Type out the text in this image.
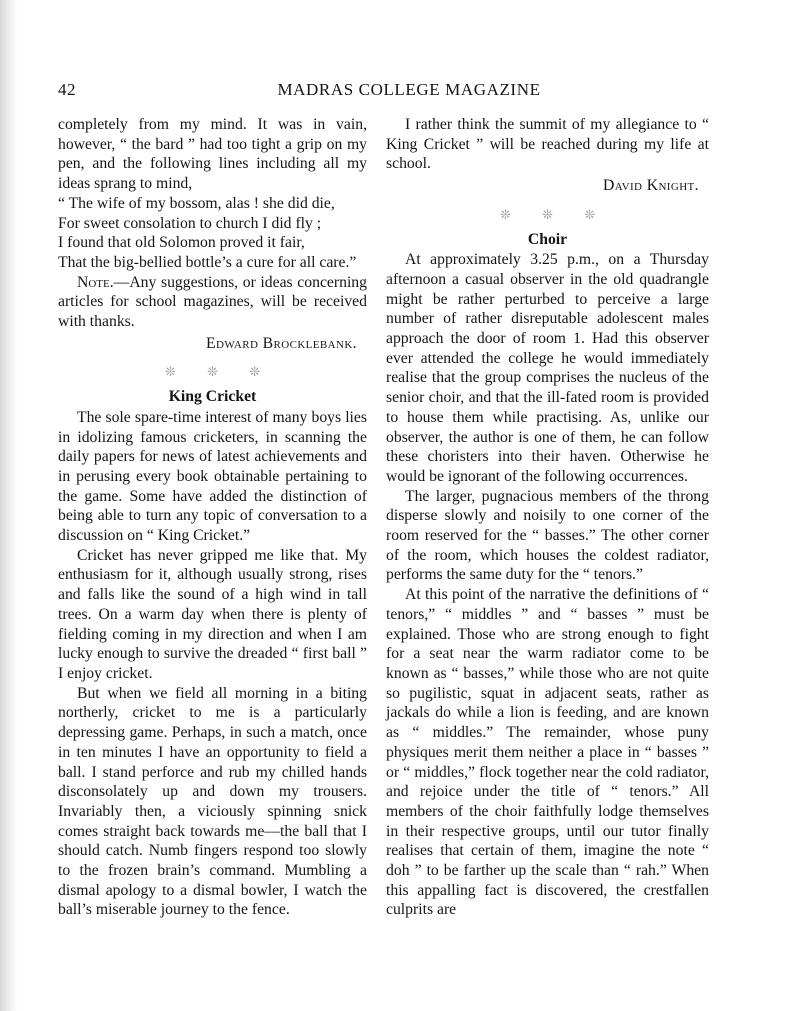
42	MADRAS COLLEGE MAGAZINE

completely from my mind. It was in vain, however, “ the bard ” had too tight a grip on my pen, and the following lines including all my ideas sprang to mind,

“ The wife of my bossom, alas ! she did die,

For sweet consolation to church I did fly ;

I found that old Solomon proved it fair,

That the big-bellied bottle’s a cure for all care.”

Note.—Any suggestions, or ideas concerning articles for school magazines, will be received with thanks.

Edward Brocklebank.

❊ ❊ ❊
King Cricket

The sole spare-time interest of many boys lies in idolizing famous cricketers, in scanning the daily papers for news of latest achievements and in perusing every book obtainable pertaining to the game. Some have added the distinction of being able to turn any topic of conversation to a discussion on “ King Cricket.”

Cricket has never gripped me like that. My enthusiasm for it, although usually strong, rises and falls like the sound of a high wind in tall trees. On a warm day when there is plenty of fielding coming in my direction and when I am lucky enough to survive the dreaded “ first ball ” I enjoy cricket.

But when we field all morning in a biting northerly, cricket to me is a particularly depressing game. Perhaps, in such a match, once in ten minutes I have an opportunity to field a ball. I stand perforce and rub my chilled hands disconsolately up and down my trousers. Invariably then, a viciously spinning snick comes straight back towards me—the ball that I should catch. Numb fingers respond too slowly to the frozen brain’s command. Mumbling a dismal apology to a dismal bowler, I watch the ball’s miserable journey to the fence.

I rather think the summit of my allegiance to “ King Cricket ” will be reached during my life at school.

David Knight.

❊ ❊ ❊
Choir

At approximately 3.25 p.m., on a Thursday afternoon a casual observer in the old quadrangle might be rather perturbed to perceive a large number of rather disreputable adolescent males approach the door of room 1. Had this observer ever attended the college he would immediately realise that the group comprises the nucleus of the senior choir, and that the ill-fated room is provided to house them while practising. As, unlike our observer, the author is one of them, he can follow these choristers into their haven. Otherwise he would be ignorant of the following occurrences.

The larger, pugnacious members of the throng disperse slowly and noisily to one corner of the room reserved for the “ basses.” The other corner of the room, which houses the coldest radiator, performs the same duty for the “ tenors.”

At this point of the narrative the definitions of “ tenors,” “ middles ” and “ basses ” must be explained. Those who are strong enough to fight for a seat near the warm radiator come to be known as “ basses,” while those who are not quite so pugilistic, squat in adjacent seats, rather as jackals do while a lion is feeding, and are known as “ middles.” The remainder, whose puny physiques merit them neither a place in “ basses ” or “ middles,” flock together near the cold radiator, and rejoice under the title of “ tenors.” All members of the choir faithfully lodge themselves in their respective groups, until our tutor finally realises that certain of them, imagine the note “ doh ” to be farther up the scale than “ rah.” When this appalling fact is discovered, the crestfallen culprits are
